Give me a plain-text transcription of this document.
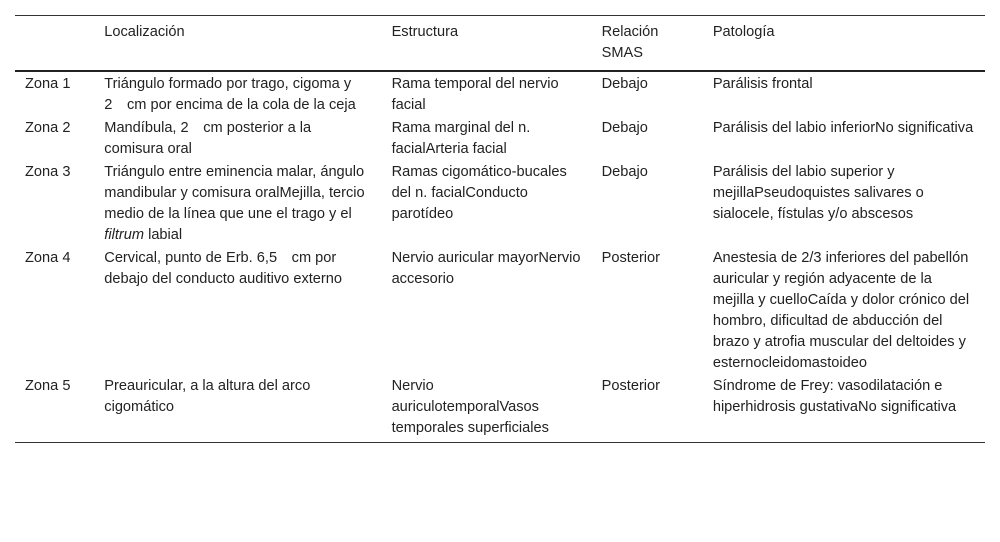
	Localización	Estructura	Relación SMAS	Patología
Zona 1	Triángulo formado por trago, cigoma y 2 cm por encima de la cola de la ceja	Rama temporal del nervio facial	Debajo	Parálisis frontal
Zona 2	Mandíbula, 2 cm posterior a la comisura oral	Rama marginal del n. facialArteria facial	Debajo	Parálisis del labio inferiorNo significativa
Zona 3	Triángulo entre eminencia malar, ángulo mandibular y comisura oralMejilla, tercio medio de la línea que une el trago y el filtrum labial	Ramas cigomático-bucales del n. facialConducto parotídeo	Debajo	Parálisis del labio superior y mejillaPseudoquistes salivares o sialocele, fístulas y/o abscesos
Zona 4	Cervical, punto de Erb. 6,5 cm por debajo del conducto auditivo externo	Nervio auricular mayorNervio accesorio	Posterior	Anestesia de 2/3 inferiores del pabellón auricular y región adyacente de la mejilla y cuelloCaída y dolor crónico del hombro, dificultad de abducción del brazo y atrofia muscular del deltoides y esternocleidomastoideo
Zona 5	Preauricular, a la altura del arco cigomático	Nervio auriculotemporalVasos temporales superficiales	Posterior	Síndrome de Frey: vasodilatación e hiperhidrosis gustativaNo significativa
